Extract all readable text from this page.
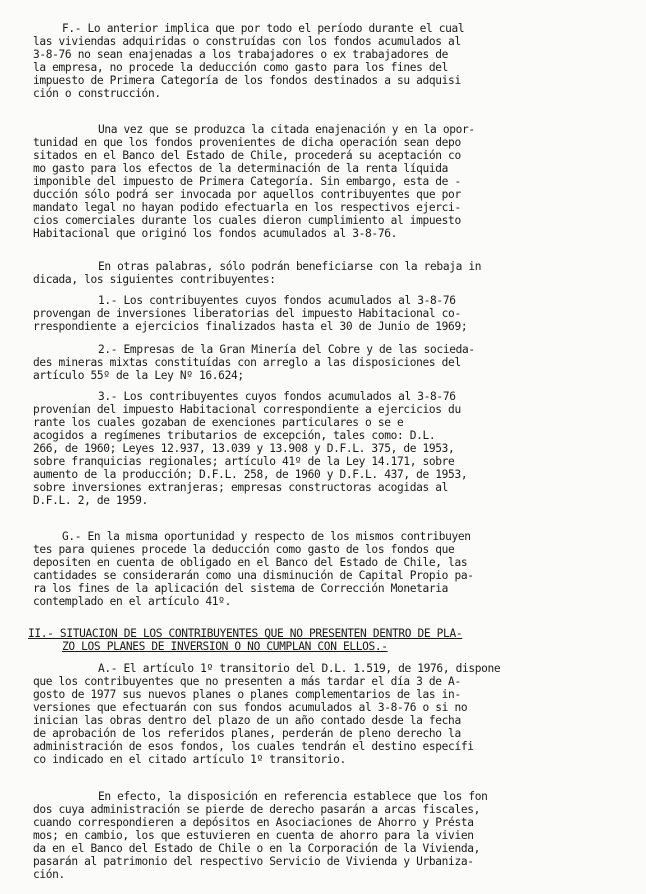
F.- Lo anterior implica que por todo el período durante el cual
las viviendas adquiridas o construídas con los fondos acumulados al
3-8-76 no sean enajenadas a los trabajadores o ex trabajadores de
la empresa, no procede la deducción como gasto para los fines del
impuesto de Primera Categoría de los fondos destinados a su adquisi
ción o construcción.
Una vez que se produzca la citada enajenación y en la opor-
tunidad en que los fondos provenientes de dicha operación sean depo
sitados en el Banco del Estado de Chile, procederá su aceptación co
mo gasto para los efectos de la determinación de la renta líquida
imponible del impuesto de Primera Categoría. Sin embargo, esta de -
ducción sólo podrá ser invocada por aquellos contribuyentes que por
mandato legal no hayan podido efectuarla en los respectivos ejerci-
cios comerciales durante los cuales dieron cumplimiento al impuesto
Habitacional que originó los fondos acumulados al 3-8-76.
En otras palabras, sólo podrán beneficiarse con la rebaja in
dicada, los siguientes contribuyentes:
1.- Los contribuyentes cuyos fondos acumulados al 3-8-76
provengan de inversiones liberatorias del impuesto Habitacional co-
rrespondiente a ejercicios finalizados hasta el 30 de Junio de 1969;
2.- Empresas de la Gran Minería del Cobre y de las socieda-
des mineras mixtas constituídas con arreglo a las disposiciones del
artículo 55º de la Ley Nº 16.624;
3.- Los contribuyentes cuyos fondos acumulados al 3-8-76
provenían del impuesto Habitacional correspondiente a ejercicios du
rante los cuales gozaban de exenciones particulares o se e
acogidos a regímenes tributarios de excepción, tales como: D.L.
266, de 1960; Leyes 12.937, 13.039 y 13.908 y D.F.L. 375, de 1953,
sobre franquicias regionales; artículo 41º de la Ley 14.171, sobre
aumento de la producción; D.F.L. 258, de 1960 y D.F.L. 437, de 1953,
sobre inversiones extranjeras; empresas constructoras acogidas al
D.F.L. 2, de 1959.
G.- En la misma oportunidad y respecto de los mismos contribuyen
tes para quienes procede la deducción como gasto de los fondos que
depositen en cuenta de obligado en el Banco del Estado de Chile, las
cantidades se considerarán como una disminución de Capital Propio pa-
ra los fines de la aplicación del sistema de Corrección Monetaria
contemplado en el artículo 41º.
II.- SITUACION DE LOS CONTRIBUYENTES QUE NO PRESENTEN DENTRO DE PLA-
ZO LOS PLANES DE INVERSION O NO CUMPLAN CON ELLOS.-
A.- El artículo 1º transitorio del D.L. 1.519, de 1976, dispone
que los contribuyentes que no presenten a más tardar el día 3 de A-
gosto de 1977 sus nuevos planes o planes complementarios de las in-
versiones que efectuarán con sus fondos acumulados al 3-8-76 o si no
inician las obras dentro del plazo de un año contado desde la fecha
de aprobación de los referidos planes, perderán de pleno derecho la
administración de esos fondos, los cuales tendrán el destino específi
co indicado en el citado artículo 1º transitorio.
En efecto, la disposición en referencia establece que los fon
dos cuya administración se pierde de derecho pasarán a arcas fiscales,
cuando correspondieren a depósitos en Asociaciones de Ahorro y Présta
mos; en cambio, los que estuvieren en cuenta de ahorro para la vivien
da en el Banco del Estado de Chile o en la Corporación de la Vivienda,
pasarán al patrimonio del respectivo Servicio de Vivienda y Urbaniza-
ción.
